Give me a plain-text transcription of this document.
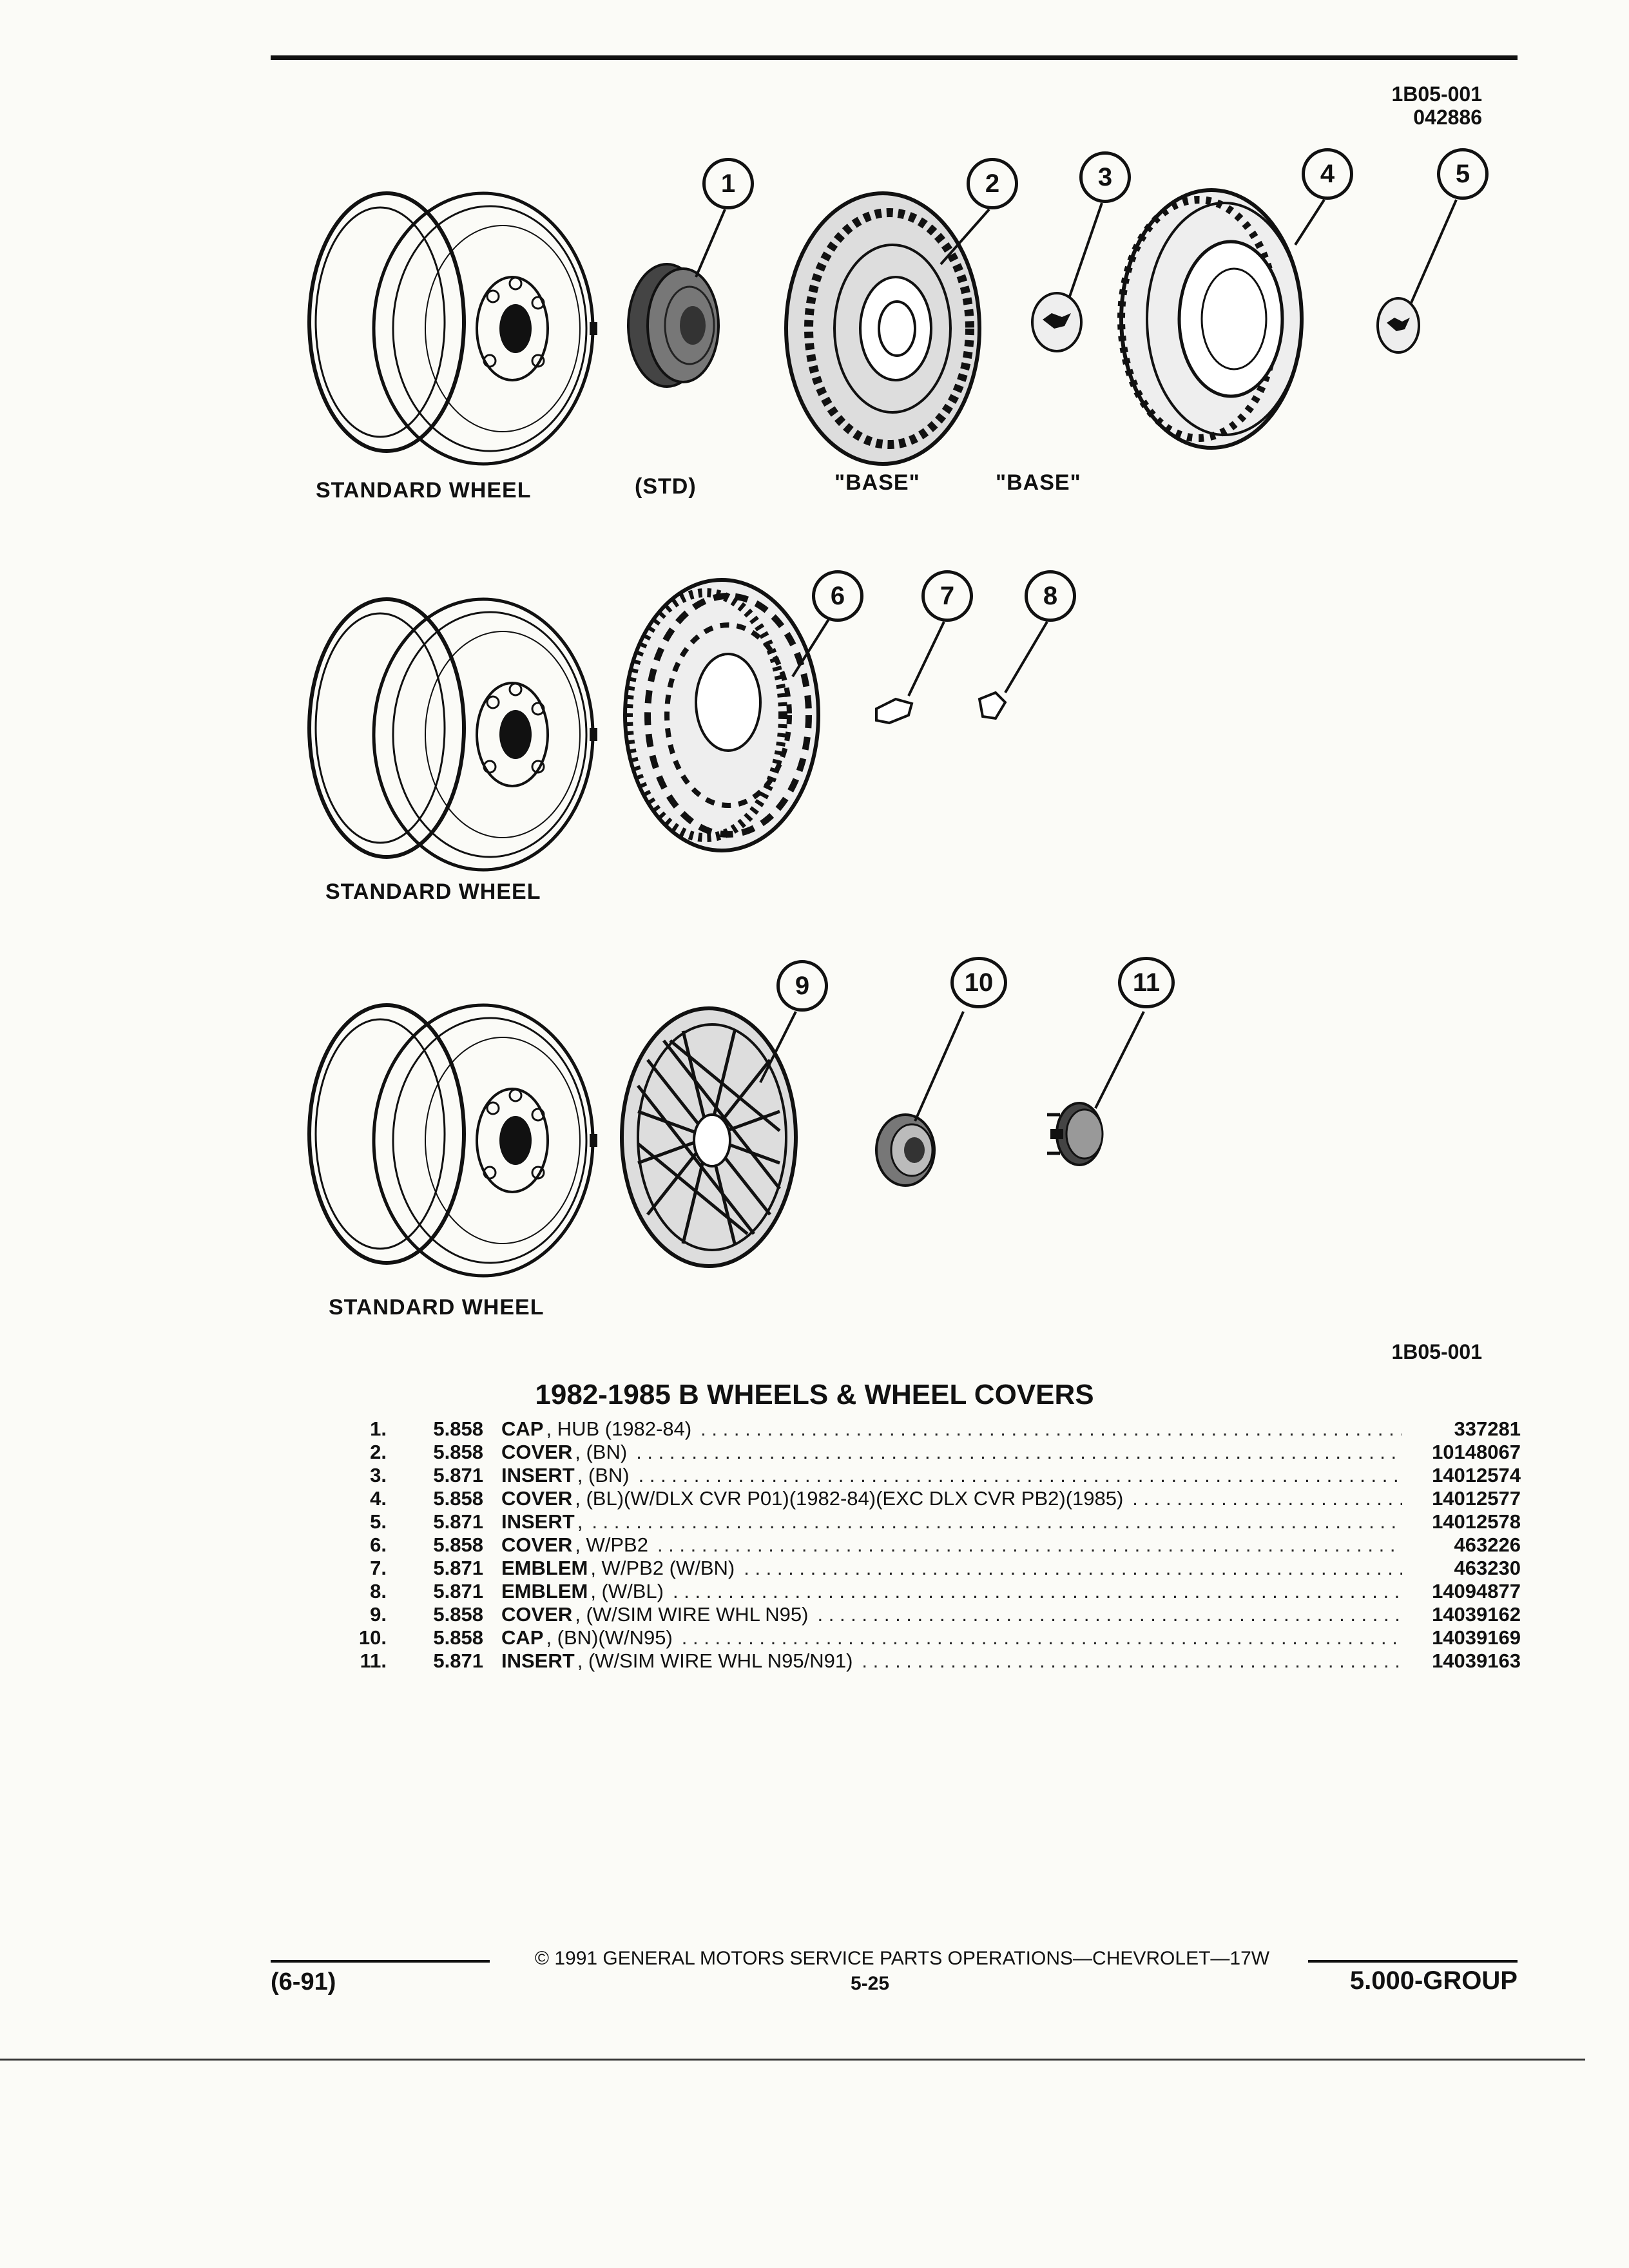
1B05-001
042886
1	2	3	4	5
6	7	8
9	10	11
STANDARD WHEEL	(STD)	"BASE"	"BASE"
STANDARD WHEEL
STANDARD WHEEL
1B05-001
1982-1985 B WHEELS & WHEEL COVERS
1.	5.858 CAP , HUB (1982-84) . . .	337281
2.	5.858 COVER , (BN) . . .	10148067
3.	5.871 INSERT , (BN) . . .	14012574
4.	5.858 COVER , (BL)(W/DLX CVR P01)(1982-84)(EXC DLX CVR PB2)(1985) . . .	14012577
5.	5.871 INSERT , . . .	14012578
6.	5.858 COVER , W/PB2 . . .	463226
7.	5.871 EMBLEM , W/PB2 (W/BN) . . .	463230
8.	5.871 EMBLEM , (W/BL) . . .	14094877
9.	5.858 COVER , (W/SIM WIRE WHL N95) . . .	14039162
10.	5.858 CAP , (BN)(W/N95) . . .	14039169
11.	5.871 INSERT , (W/SIM WIRE WHL N95/N91) . . .	14039163
© 1991 GENERAL MOTORS SERVICE PARTS OPERATIONS—CHEVROLET—17W
(6-91)	5-25	5.000-GROUP
